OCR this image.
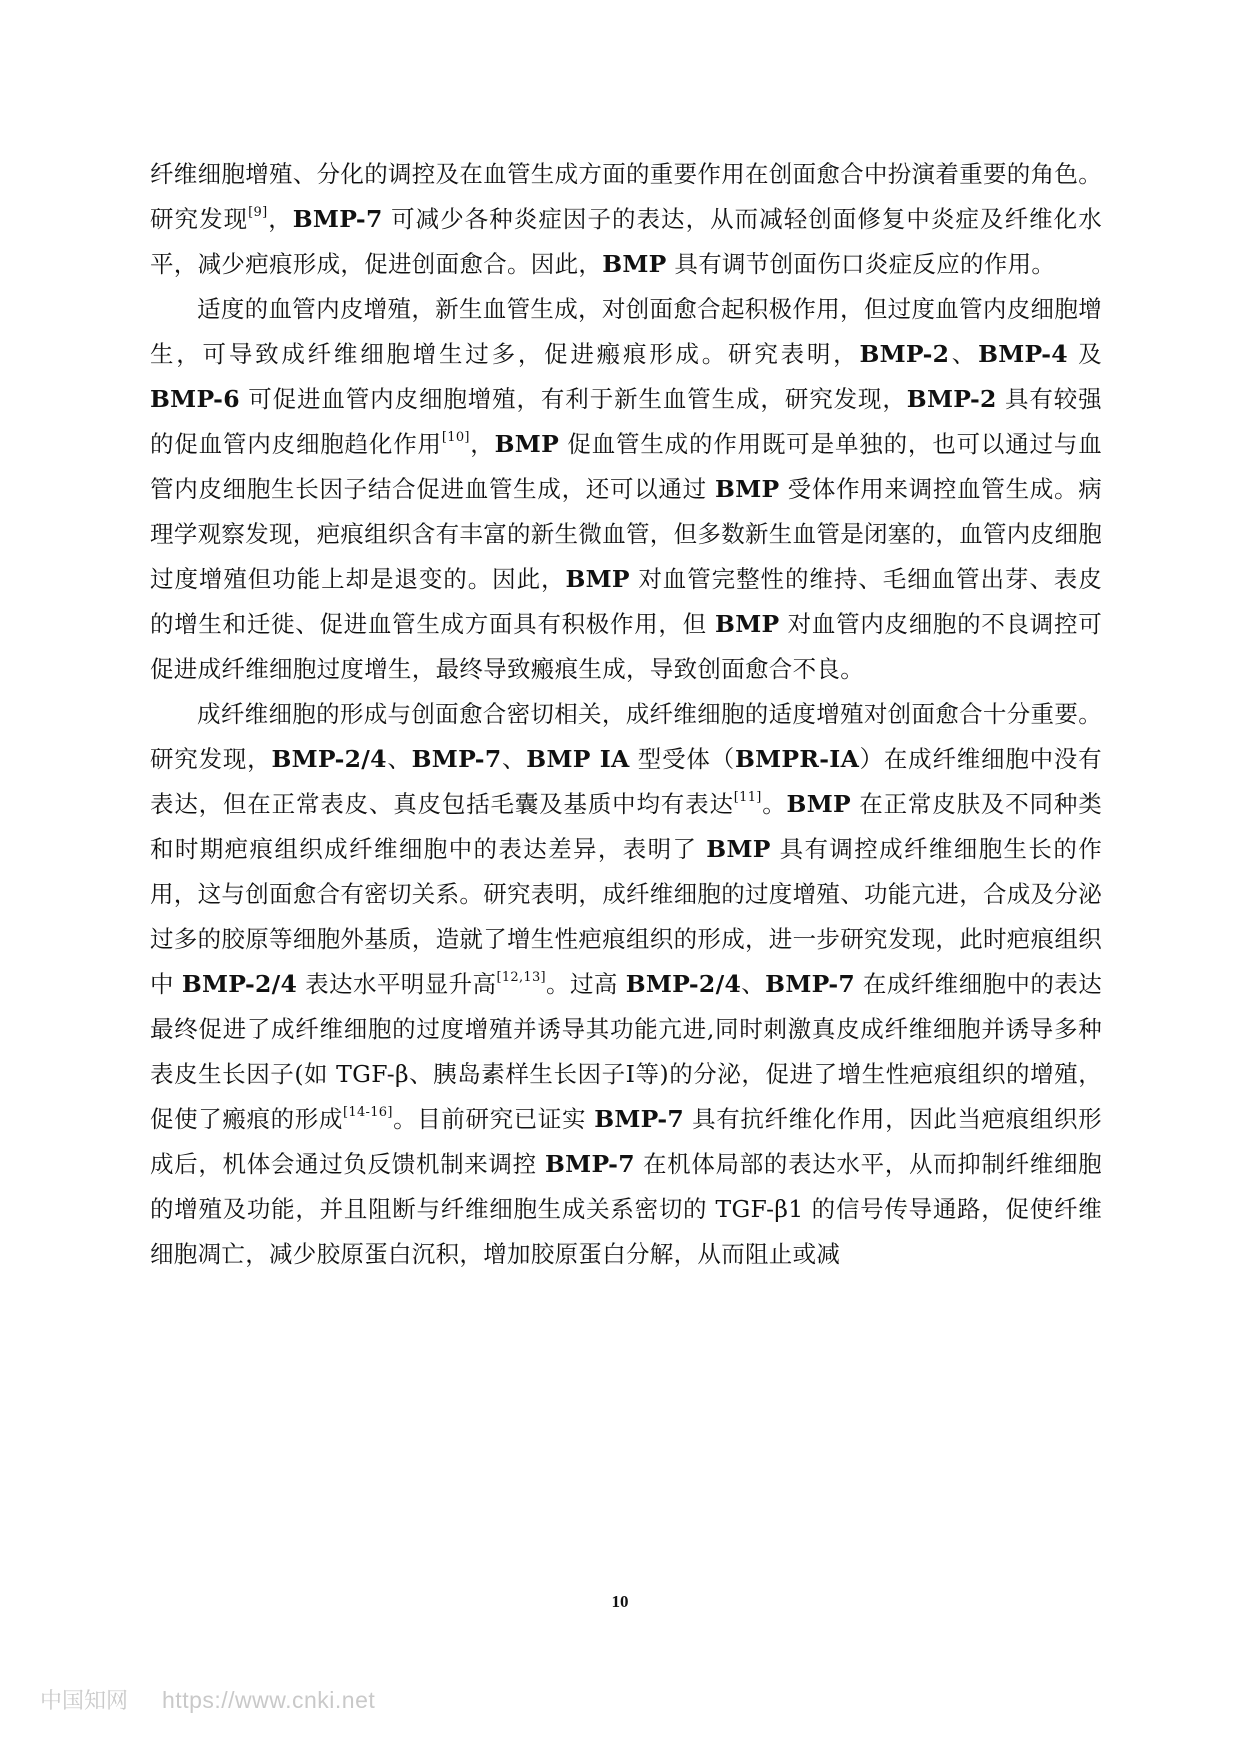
纤维细胞增殖、分化的调控及在血管生成方面的重要作用在创面愈合中扮演着重要的角色。研究发现[9]，BMP-7 可减少各种炎症因子的表达，从而减轻创面修复中炎症及纤维化水平，减少疤痕形成，促进创面愈合。因此，BMP 具有调节创面伤口炎症反应的作用。

适度的血管内皮增殖，新生血管生成，对创面愈合起积极作用，但过度血管内皮细胞增生，可导致成纤维细胞增生过多，促进瘢痕形成。研究表明，BMP-2、BMP-4 及 BMP-6 可促进血管内皮细胞增殖，有利于新生血管生成，研究发现，BMP-2 具有较强的促血管内皮细胞趋化作用[10]，BMP 促血管生成的作用既可是单独的，也可以通过与血管内皮细胞生长因子结合促进血管生成，还可以通过 BMP 受体作用来调控血管生成。病理学观察发现，疤痕组织含有丰富的新生微血管，但多数新生血管是闭塞的，血管内皮细胞过度增殖但功能上却是退变的。因此，BMP 对血管完整性的维持、毛细血管出芽、表皮的增生和迁徙、促进血管生成方面具有积极作用，但 BMP 对血管内皮细胞的不良调控可促进成纤维细胞过度增生，最终导致瘢痕生成，导致创面愈合不良。

成纤维细胞的形成与创面愈合密切相关，成纤维细胞的适度增殖对创面愈合十分重要。研究发现，BMP-2/4、BMP-7、BMP IA 型受体（BMPR-IA）在成纤维细胞中没有表达，但在正常表皮、真皮包括毛囊及基质中均有表达[11]。BMP 在正常皮肤及不同种类和时期疤痕组织成纤维细胞中的表达差异，表明了 BMP 具有调控成纤维细胞生长的作用，这与创面愈合有密切关系。研究表明，成纤维细胞的过度增殖、功能亢进，合成及分泌过多的胶原等细胞外基质，造就了增生性疤痕组织的形成，进一步研究发现，此时疤痕组织中 BMP-2/4 表达水平明显升高[12,13]。过高 BMP-2/4、BMP-7 在成纤维细胞中的表达最终促进了成纤维细胞的过度增殖并诱导其功能亢进,同时刺激真皮成纤维细胞并诱导多种表皮生长因子(如 TGF-β、胰岛素样生长因子Ⅰ等)的分泌，促进了增生性疤痕组织的增殖，促使了瘢痕的形成[14-16]。目前研究已证实 BMP-7 具有抗纤维化作用，因此当疤痕组织形成后，机体会通过负反馈机制来调控 BMP-7 在机体局部的表达水平，从而抑制纤维细胞的增殖及功能，并且阻断与纤维细胞生成关系密切的 TGF-β1 的信号传导通路，促使纤维细胞凋亡，减少胶原蛋白沉积，增加胶原蛋白分解，从而阻止或减

10
中国知网 https://www.cnki.net
